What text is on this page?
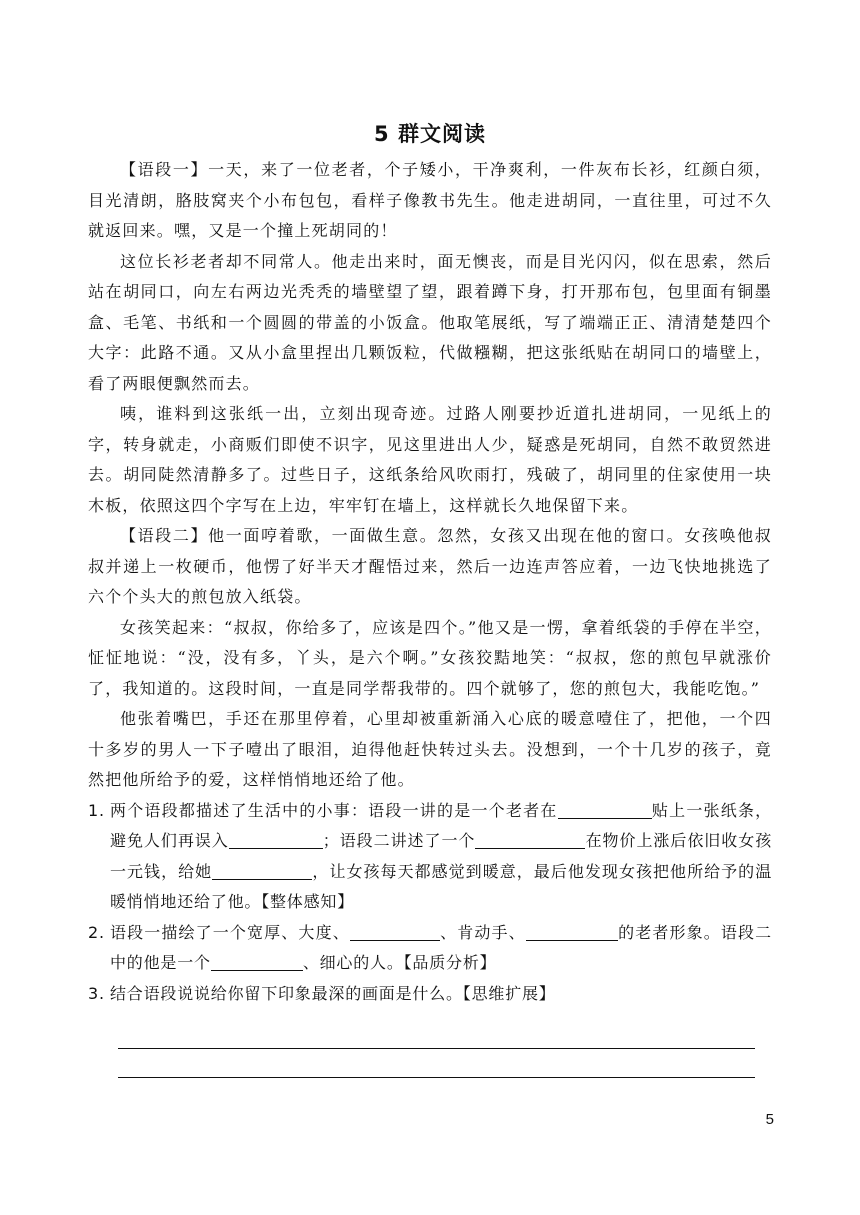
5 群文阅读

【语段一】一天，来了一位老者，个子矮小，干净爽利，一件灰布长衫，红颜白须，目光清朗，胳肢窝夹个小布包包，看样子像教书先生。他走进胡同，一直往里，可过不久就返回来。嘿，又是一个撞上死胡同的！

这位长衫老者却不同常人。他走出来时，面无懊丧，而是目光闪闪，似在思索，然后站在胡同口，向左右两边光秃秃的墙壁望了望，跟着蹲下身，打开那布包，包里面有铜墨盒、毛笔、书纸和一个圆圆的带盖的小饭盒。他取笔展纸，写了端端正正、清清楚楚四个大字：此路不通。又从小盒里捏出几颗饭粒，代做糨糊，把这张纸贴在胡同口的墙壁上，看了两眼便飘然而去。

咦，谁料到这张纸一出，立刻出现奇迹。过路人刚要抄近道扎进胡同，一见纸上的字，转身就走，小商贩们即使不识字，见这里进出人少，疑惑是死胡同，自然不敢贸然进去。胡同陡然清静多了。过些日子，这纸条给风吹雨打，残破了，胡同里的住家使用一块木板，依照这四个字写在上边，牢牢钉在墙上，这样就长久地保留下来。

【语段二】他一面哼着歌，一面做生意。忽然，女孩又出现在他的窗口。女孩唤他叔叔并递上一枚硬币，他愣了好半天才醒悟过来，然后一边连声答应着，一边飞快地挑选了六个个头大的煎包放入纸袋。

女孩笑起来：“叔叔，你给多了，应该是四个。”他又是一愣，拿着纸袋的手停在半空，怔怔地说：“没，没有多，丫头，是六个啊。”女孩狡黠地笑：“叔叔，您的煎包早就涨价了，我知道的。这段时间，一直是同学帮我带的。四个就够了，您的煎包大，我能吃饱。”

他张着嘴巴，手还在那里停着，心里却被重新涌入心底的暖意噎住了，把他，一个四十多岁的男人一下子噎出了眼泪，迫得他赶快转过头去。没想到，一个十几岁的孩子，竟然把他所给予的爱，这样悄悄地还给了他。

1. 两个语段都描述了生活中的小事：语段一讲的是一个老者在	贴上一张纸条，避免人们再误入	；语段二讲述了一个	在物价上涨后依旧收女孩一元钱，给她	，让女孩每天都感觉到暖意，最后他发现女孩把他所给予的温暖悄悄地还给了他。【整体感知】
2. 语段一描绘了一个宽厚、大度、	、肯动手、	的老者形象。语段二中的他是一个	、细心的人。【品质分析】
3. 结合语段说说给你留下印象最深的画面是什么。【思维扩展】
5
